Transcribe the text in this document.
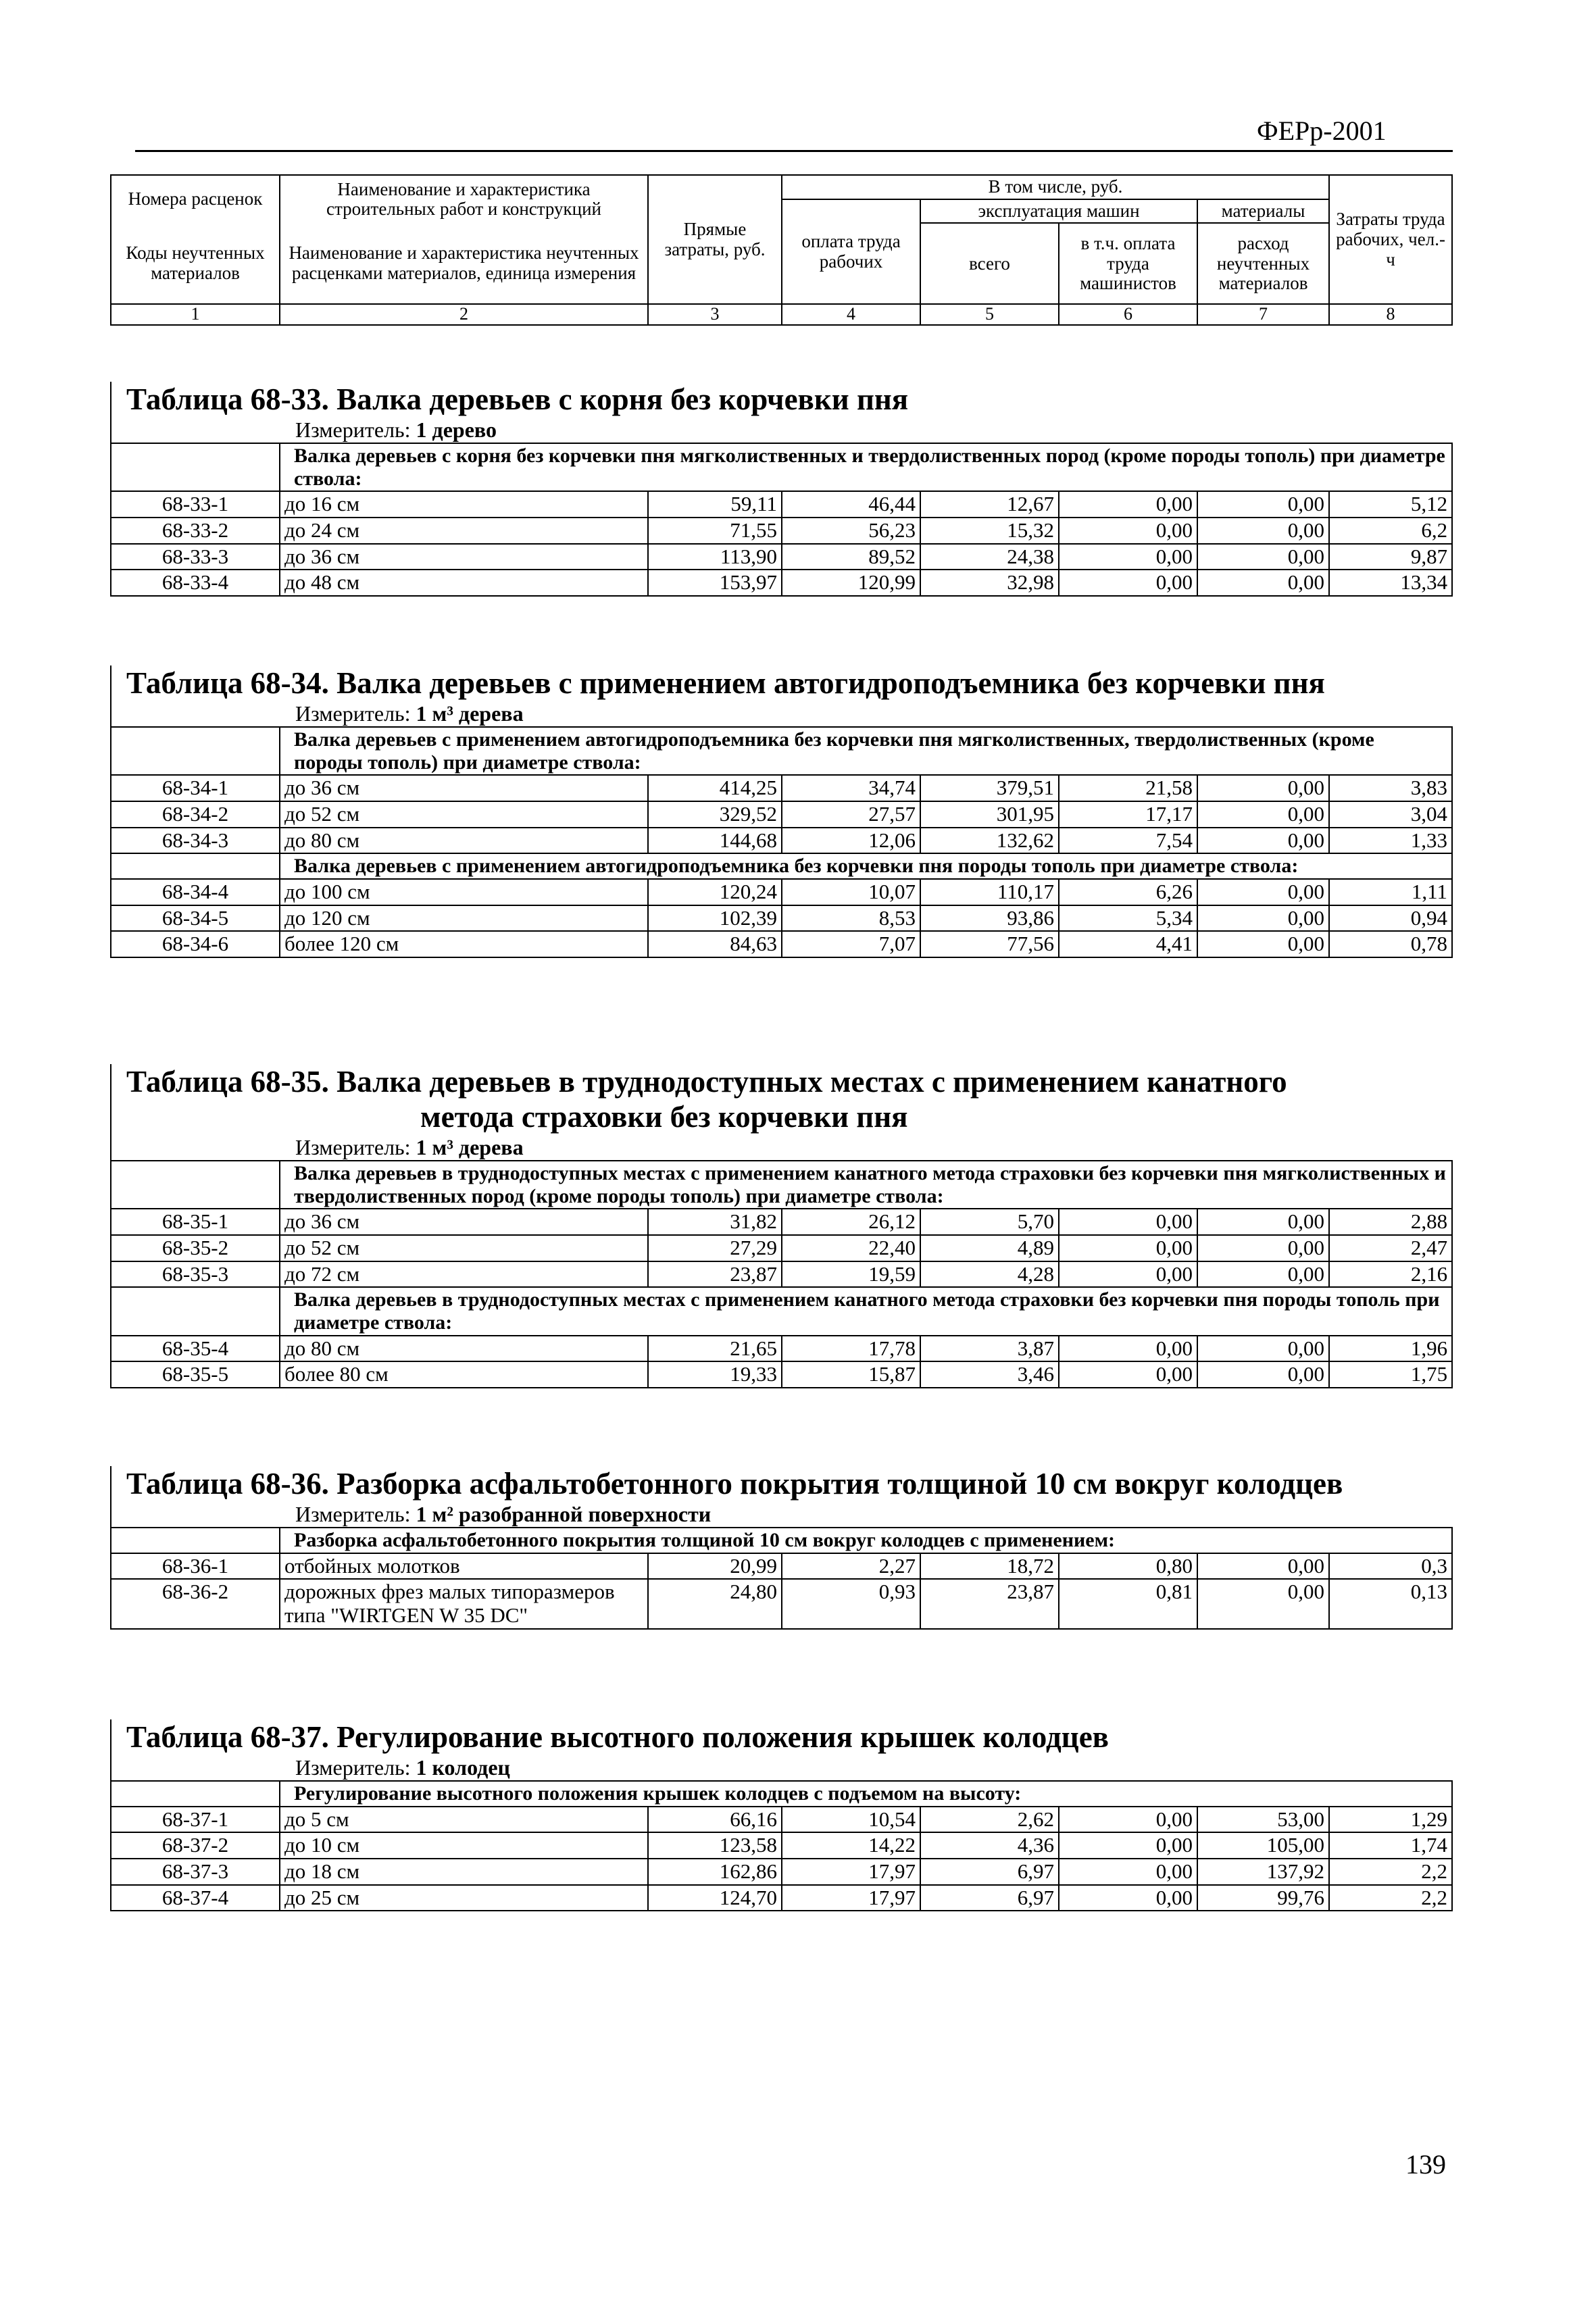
ФЕРр-2001
Номера расценок	Наименование и характеристика строительных работ и конструкций	Прямые затраты, руб.	В том числе, руб.				Затраты труда рабочих, чел.-ч
			оплата труда рабочих	эксплуатация машин		материалы	
Коды неучтенных материалов	Наименование и характеристика неучтенных расценками материалов, единица измерения			всего	в т.ч. оплата труда машинистов	расход неучтенных материалов	

1	2	3	4	5	6	7	8
Таблица 68-33. Валка деревьев с корня без корчевки пня
Измеритель: 1 дерево
	Валка деревьев с корня без корчевки пня мягколиственных и твердолиственных пород (кроме породы тополь) при диаметре ствола:						
68-33-1	до 16 см	59,11	46,44	12,67	0,00	0,00	5,12
68-33-2	до 24 см	71,55	56,23	15,32	0,00	0,00	6,2
68-33-3	до 36 см	113,90	89,52	24,38	0,00	0,00	9,87
68-33-4	до 48 см	153,97	120,99	32,98	0,00	0,00	13,34
Таблица 68-34. Валка деревьев с применением автогидроподъемника без корчевки пня
Измеритель: 1 м³ дерева
	Валка деревьев с применением автогидроподъемника без корчевки пня мягколиственных, твердолиственных (кроме породы тополь) при диаметре ствола:						
68-34-1	до 36 см	414,25	34,74	379,51	21,58	0,00	3,83
68-34-2	до 52 см	329,52	27,57	301,95	17,17	0,00	3,04
68-34-3	до 80 см	144,68	12,06	132,62	7,54	0,00	1,33
	Валка деревьев с применением автогидроподъемника без корчевки пня породы тополь при диаметре ствола:						
68-34-4	до 100 см	120,24	10,07	110,17	6,26	0,00	1,11
68-34-5	до 120 см	102,39	8,53	93,86	5,34	0,00	0,94
68-34-6	более 120 см	84,63	7,07	77,56	4,41	0,00	0,78
Таблица 68-35. Валка деревьев в труднодоступных местах с применением канатного
метода страховки без корчевки пня
Измеритель: 1 м³ дерева
	Валка деревьев в труднодоступных местах с применением канатного метода страховки без корчевки пня мягколиственных и твердолиственных пород (кроме породы тополь) при диаметре ствола:						
68-35-1	до 36 см	31,82	26,12	5,70	0,00	0,00	2,88
68-35-2	до 52 см	27,29	22,40	4,89	0,00	0,00	2,47
68-35-3	до 72 см	23,87	19,59	4,28	0,00	0,00	2,16
	Валка деревьев в труднодоступных местах с применением канатного метода страховки без корчевки пня породы тополь при диаметре ствола:						
68-35-4	до 80 см	21,65	17,78	3,87	0,00	0,00	1,96
68-35-5	более 80 см	19,33	15,87	3,46	0,00	0,00	1,75
Таблица 68-36. Разборка асфальтобетонного покрытия толщиной 10 см вокруг колодцев
Измеритель: 1 м² разобранной поверхности
	Разборка асфальтобетонного покрытия толщиной 10 см вокруг колодцев с применением:						
68-36-1	отбойных молотков	20,99	2,27	18,72	0,80	0,00	0,3
68-36-2	дорожных фрез малых типоразмеров типа "WIRTGEN W 35 DC"	24,80	0,93	23,87	0,81	0,00	0,13
Таблица 68-37. Регулирование высотного положения крышек колодцев
Измеритель: 1 колодец
	Регулирование высотного положения крышек колодцев с подъемом на высоту:						
68-37-1	до 5 см	66,16	10,54	2,62	0,00	53,00	1,29
68-37-2	до 10 см	123,58	14,22	4,36	0,00	105,00	1,74
68-37-3	до 18 см	162,86	17,97	6,97	0,00	137,92	2,2
68-37-4	до 25 см	124,70	17,97	6,97	0,00	99,76	2,2
139
